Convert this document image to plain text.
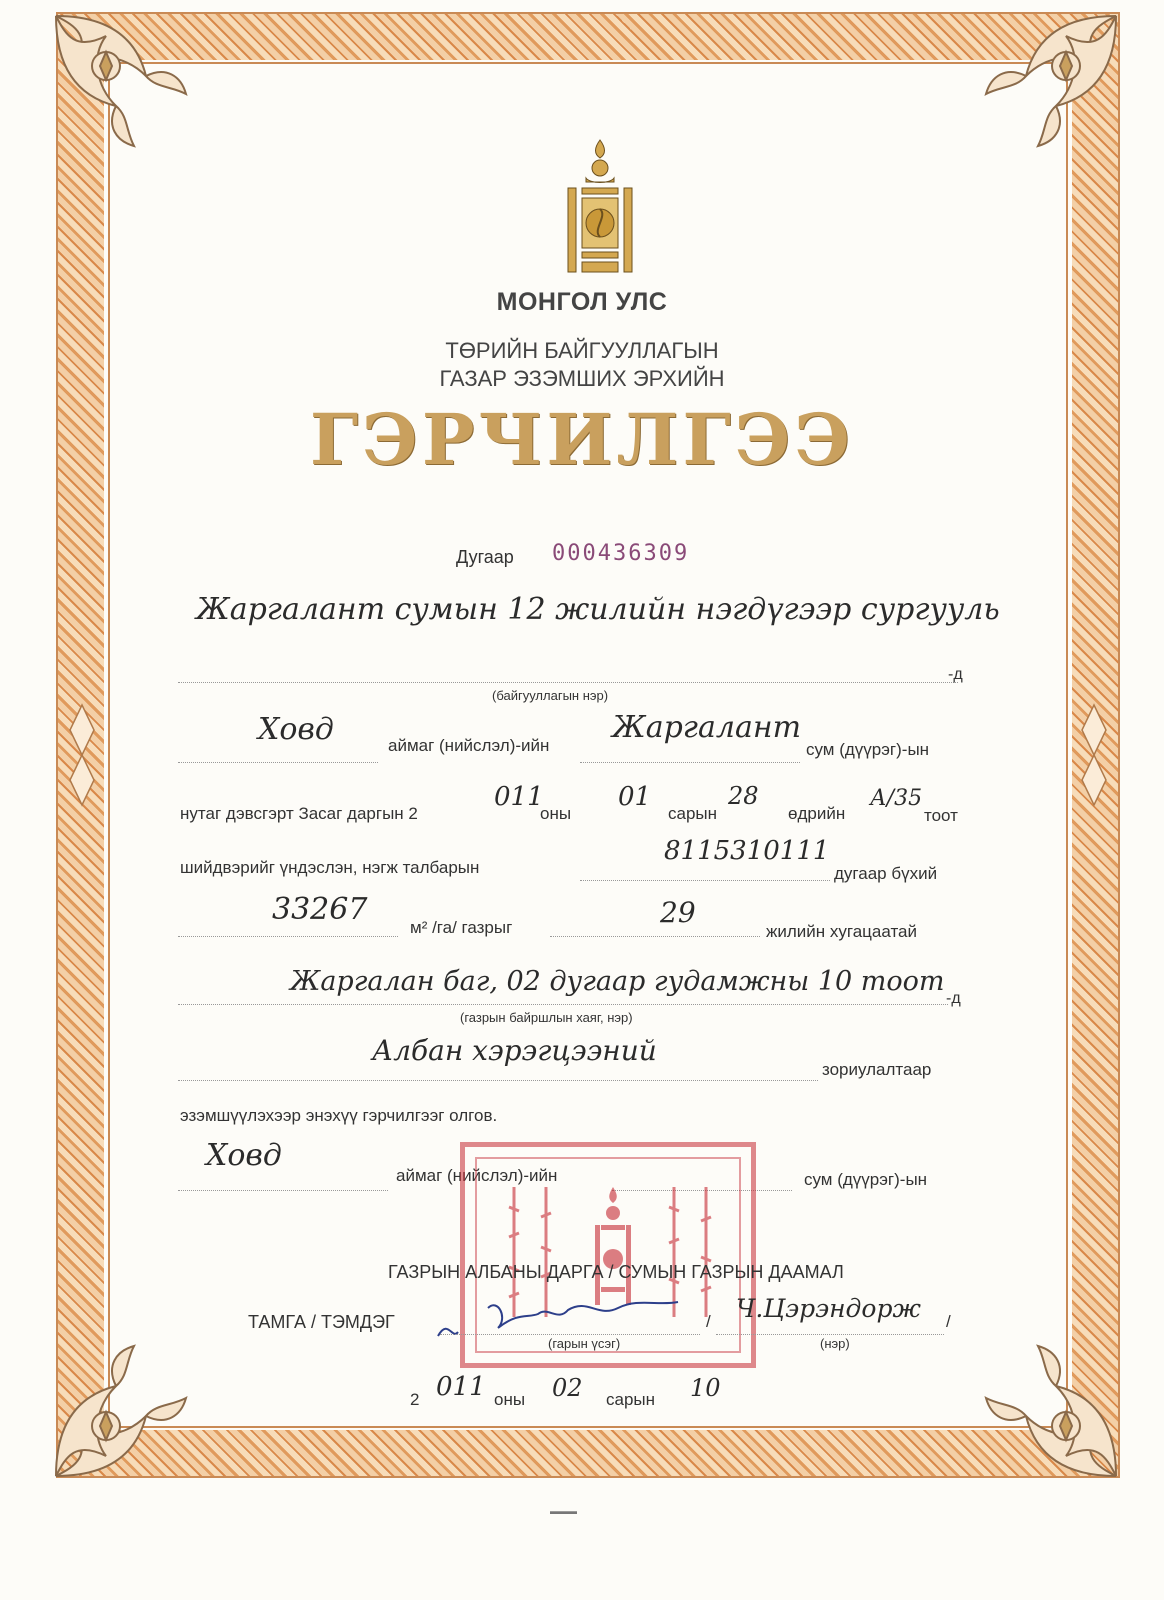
МОНГОЛ УЛС
ТӨРИЙН БАЙГУУЛЛАГЫН
ГАЗАР ЭЗЭМШИХ ЭРХИЙН
ГЭРЧИЛГЭЭ
Дугаар 000436309
Жаргалант сумын 12 жилийн нэгдүгээр сургууль
-д
(байгууллагын нэр)
Ховд	аймаг (нийслэл)-ийн
Жаргалант
сум (дүүрэг)-ын
нутаг дэвсгэрт Засаг даргын 2
011
оны
01
сарын
28
өдрийн
А/35
тоот
шийдвэрийг үндэслэн, нэгж талбарын
8115310111
дугаар бүхий
33267
м² /га/ газрыг	29
жилийн хугацаатай
Жаргалан баг, 02 дугаар гудамжны 10 тоот
-д
(газрын байршлын хаяг, нэр)
Албан хэрэгцээний
зориулалтаар
эзэмшүүлэхээр энэхүү гэрчилгээг олгов.
Ховд
аймаг (нийслэл)-ийн	сум (дүүрэг)-ын
ГАЗРЫН АЛБАНЫ ДАРГА / СУМЫН ГАЗРЫН ДААМАЛ
ТАМГА / ТЭМДЭГ
(гарын үсэг)
/ Ч.Цэрэндорж /
(нэр)
2 011 оны 02 сарын 10
▬▬▬
